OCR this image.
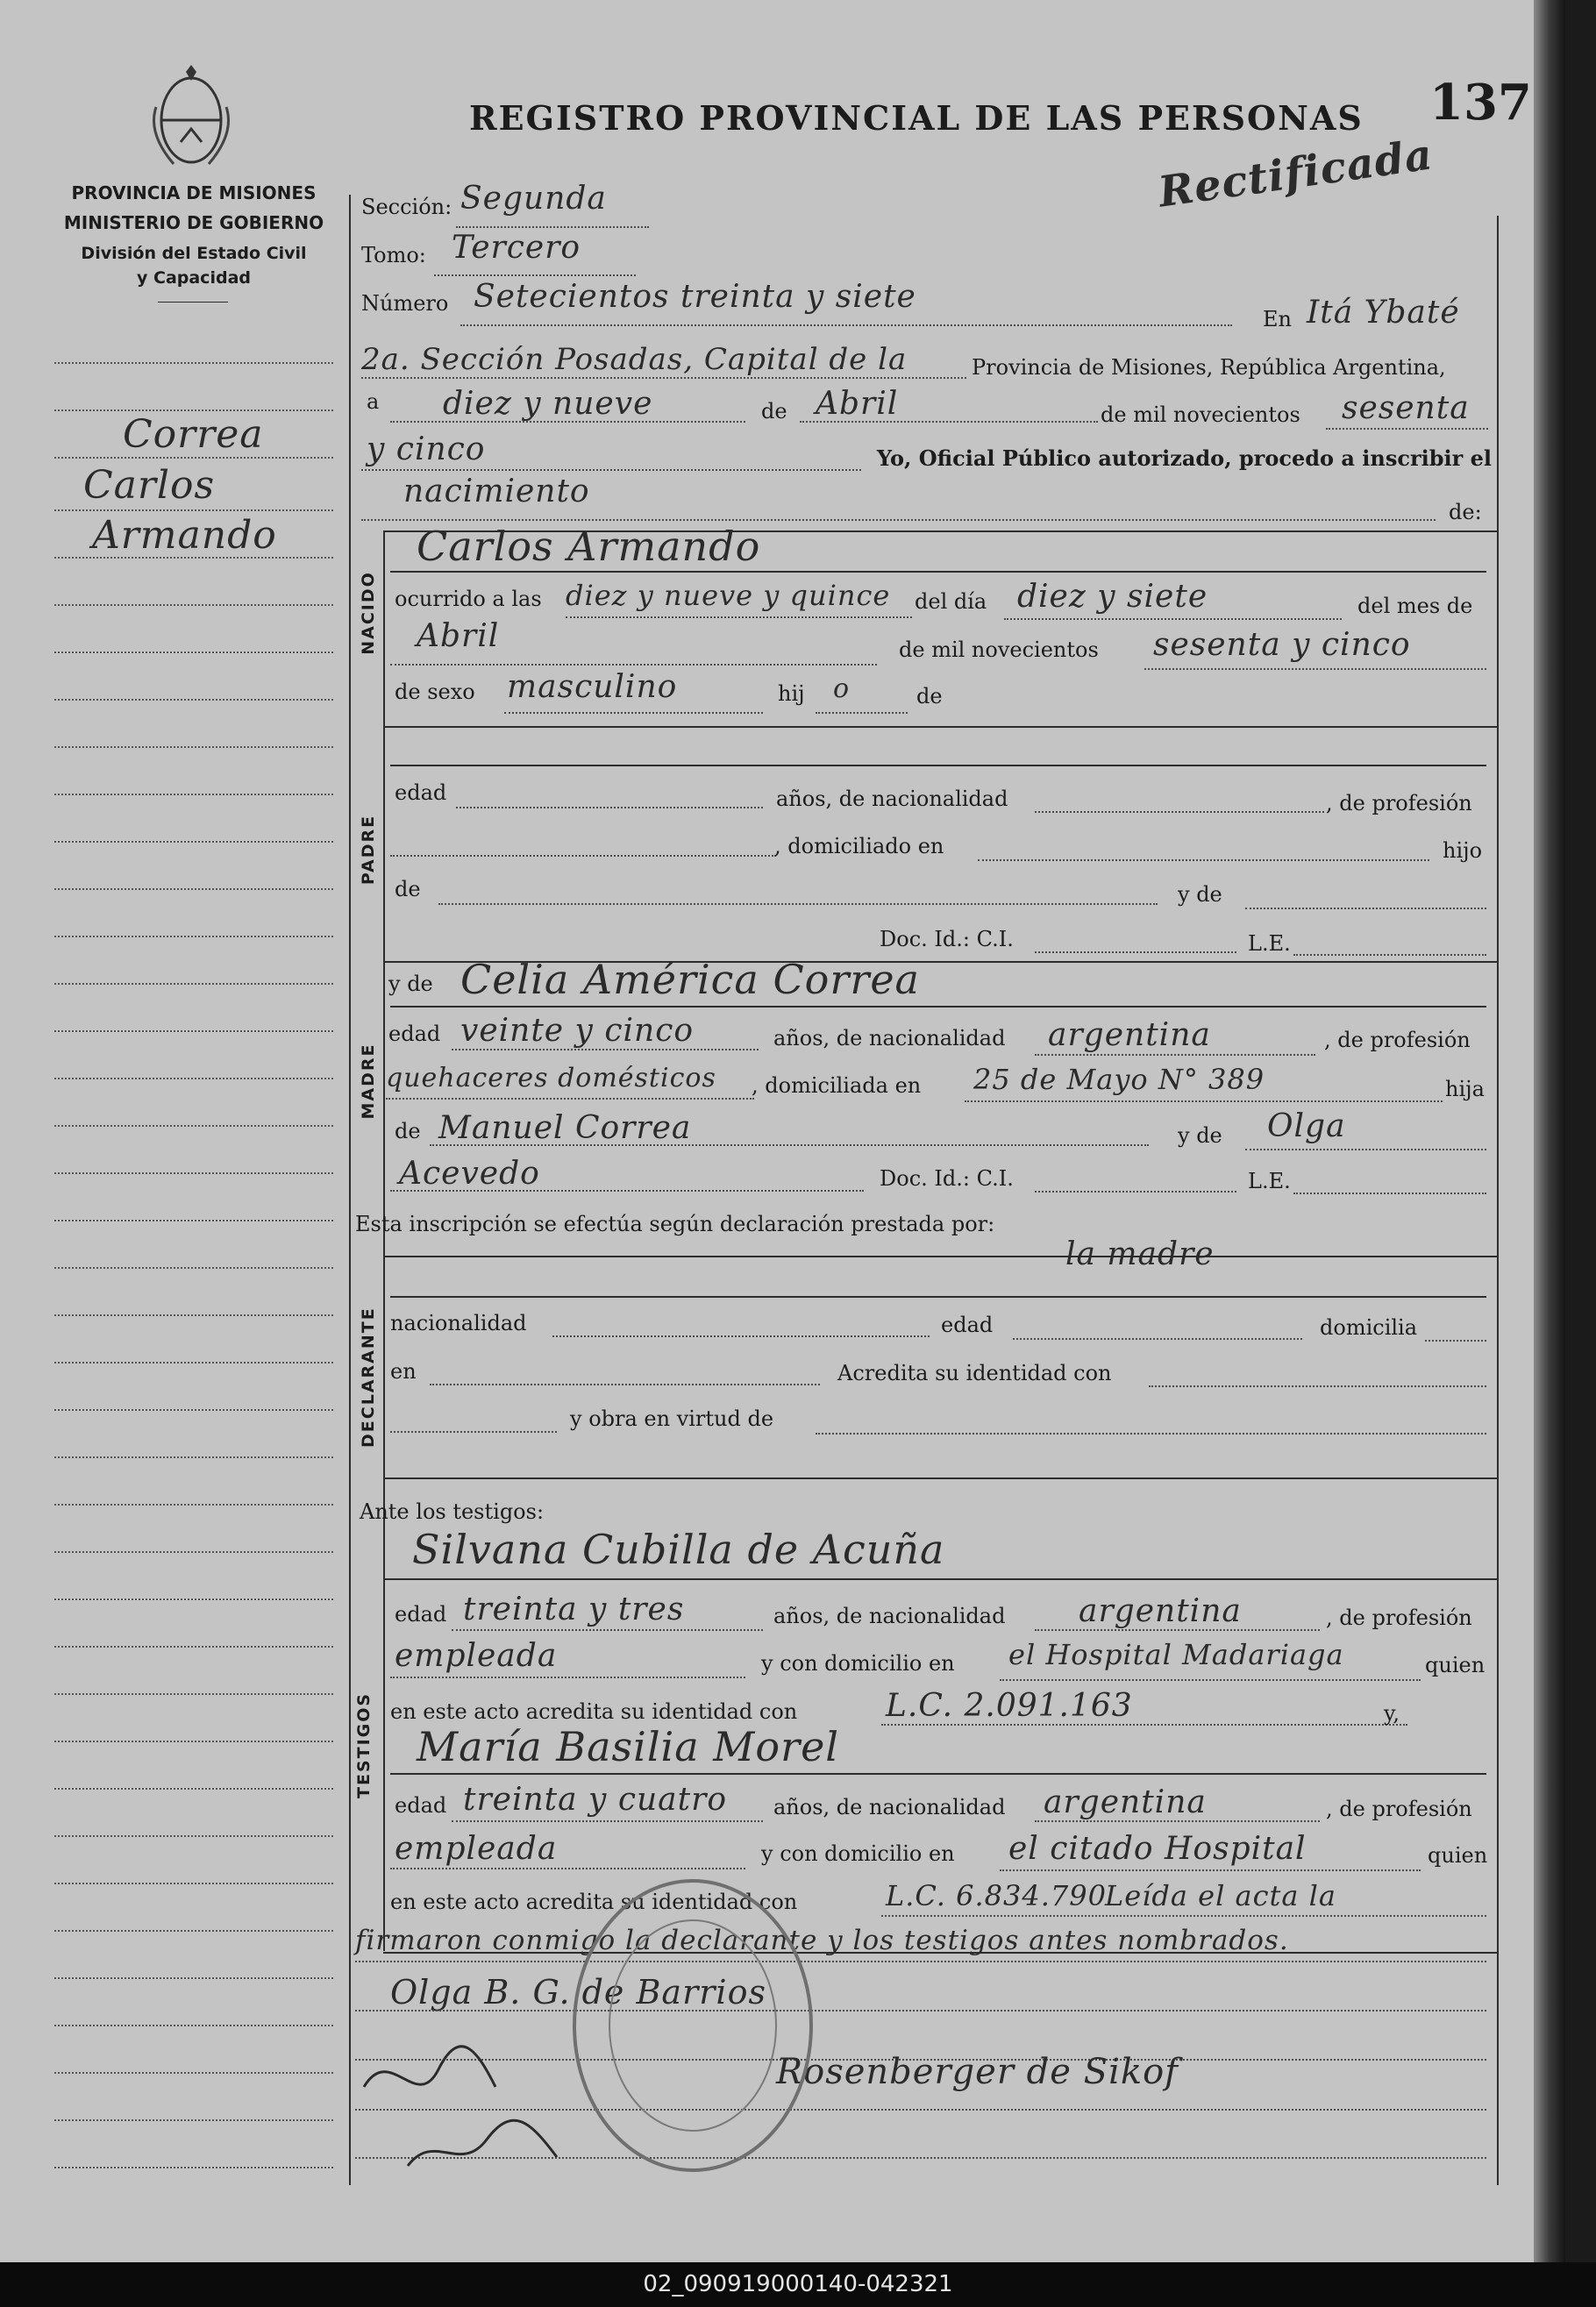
REGISTRO PROVINCIAL DE LAS PERSONAS 137
Rectificada
PROVINCIA DE MISIONES
MINISTERIO DE GOBIERNO
División del Estado Civil
y Capacidad
Correa
Carlos
Armando
Sección: Segunda
Tomo: Tercero
Número Setecientos treinta y siete
En Itá Ybaté
2a. Sección Posadas, Capital de la	Provincia de Misiones, República Argentina,
a diez y nueve	de Abril	de mil novecientos sesenta
y cinco	Yo, Oficial Público autorizado, procedo a inscribir el
nacimiento
de:
NACIDO
Carlos Armando
ocurrido a las diez y nueve y quince del día diez y siete	del mes de
Abril	de mil novecientos sesenta y cinco
de sexo masculino	hij o	de
PADRE
edad	años, de nacionalidad	, de profesión
, domiciliado en	hijo
de	y de
Doc. Id.: C.I.	L.E.
y de Celia América Correa
MADRE
edad veinte y cinco	años, de nacionalidad argentina	, de profesión
quehaceres domésticos , domiciliada en 25 de Mayo N° 389	hija
de Manuel Correa	y de Olga
Acevedo	Doc. Id.: C.I.	L.E.
Esta inscripción se efectúa según declaración prestada por:
la madre
DECLARANTE nacionalidad	edad	domicilia
en	Acredita su identidad con
y obra en virtud de
Ante los testigos:
Silvana Cubilla de Acuña
TESTIGOS
edad treinta y tres	años, de nacionalidad argentina	, de profesión
empleada	y con domicilio en el Hospital Madariaga	quien
en este acto acredita su identidad con	L.C. 2.091.163	y,
María Basilia Morel
edad treinta y cuatro años, de nacionalidad argentina	, de profesión
empleada	y con domicilio en el citado Hospital	quien
en este acto acredita su identidad con	L.C. 6.834.790
Leída el acta la
firmaron conmigo la declarante y los testigos antes nombrados.
Olga B. G. de Barrios
Rosenberger de Sikof
02_090919000140-042321
